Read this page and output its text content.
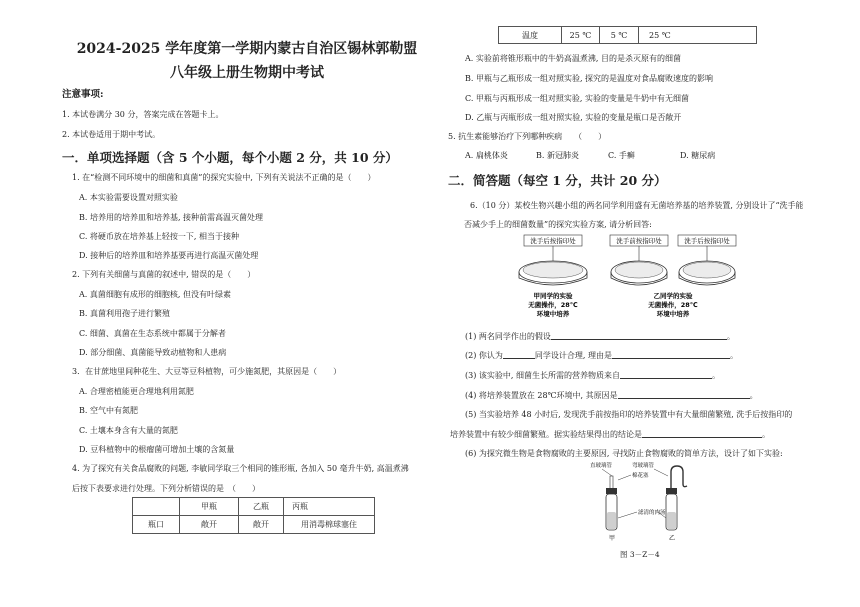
2024-2025 学年度第一学期内蒙古自治区锡林郭勒盟
八年级上册生物期中考试
注意事项:
1. 本试卷满分 30 分，答案完成在答题卡上。
2. 本试卷适用于期中考试。
一．单项选择题（含 5 个小题，每个小题 2 分，共 10 分）
1. 在“检测不同环境中的细菌和真菌”的探究实验中, 下列有关说法不正确的是（　　）
A. 本实验需要设置对照实验
B. 培养用的培养皿和培养基, 接种前需高温灭菌处理
C. 将硬币放在培养基上轻按一下, 相当于接种
D. 接种后的培养皿和培养基要再进行高温灭菌处理
2. 下列有关细菌与真菌的叙述中, 错误的是（　　）
A. 真菌细胞有成形的细胞核, 但没有叶绿素
B. 真菌利用孢子进行繁殖
C. 细菌、真菌在生态系统中都属于分解者
D. 部分细菌、真菌能导致动植物和人患病
3．在甘蔗地里间种花生、大豆等豆科植物，可少施氮肥，其原因是（　　）
A. 合理密植能更合理地利用氮肥
B. 空气中有氮肥
C. 土壤本身含有大量的氮肥
D. 豆科植物中的根瘤菌可增加土壤的含氮量
4. 为了探究有关食品腐败的问题, 李敏同学取三个相同的锥形瓶, 各加入 50 毫升牛奶, 高温煮沸
后按下表要求进行处理。下列分析错误的是　（　　）
	甲瓶	乙瓶	丙瓶
瓶口	敞开	敞开	用消毒棉球塞住
温度	25 ℃	5 ℃	25 ℃
A. 实验前将锥形瓶中的牛奶高温煮沸, 目的是杀灭原有的细菌
B. 甲瓶与乙瓶形成一组对照实验, 探究的是温度对食品腐败速度的影响
C. 甲瓶与丙瓶形成一组对照实验, 实验的变量是牛奶中有无细菌
D. 乙瓶与丙瓶形成一组对照实验, 实验的变量是瓶口是否敞开
5. 抗生素能够治疗下列哪种疾病　　（　　）
A. 扁桃体炎	B. 新冠肺炎	C. 手癣	D. 糖尿病
二．简答题（每空 1 分，共计 20 分）
6.（10 分）某校生物兴趣小组的两名同学利用盛有无菌培养基的培养装置, 分别设计了“洗手能否减少手上的细菌数量”的探究实验方案, 请分析回答:
洗手后按指印处
甲同学的实验
无菌操作，28℃
环境中培养
洗手前按指印处	洗手后按指印处
乙同学的实验
无菌操作，28℃
环境中培养
(1) 两名同学作出的假设	。
(2) 你认为	同学设计合理, 理由是	。
(3) 该实验中, 细菌生长所需的营养物质来自	。
(4) 将培养装置放在 28℃环境中, 其原因是	。
(5) 当实验培养 48 小时后, 发现洗手前按指印的培养装置中有大量细菌繁殖, 洗手后按指印的
培养装置中有较少细菌繁殖。据实验结果得出的结论是	。
(6) 为探究微生物是食物腐败的主要原因, 寻找防止食物腐败的简单方法，设计了如下实验:
直玻璃管	弯玻璃管
棉花塞
滤清的肉汤
甲	乙
图 3－Z－4
